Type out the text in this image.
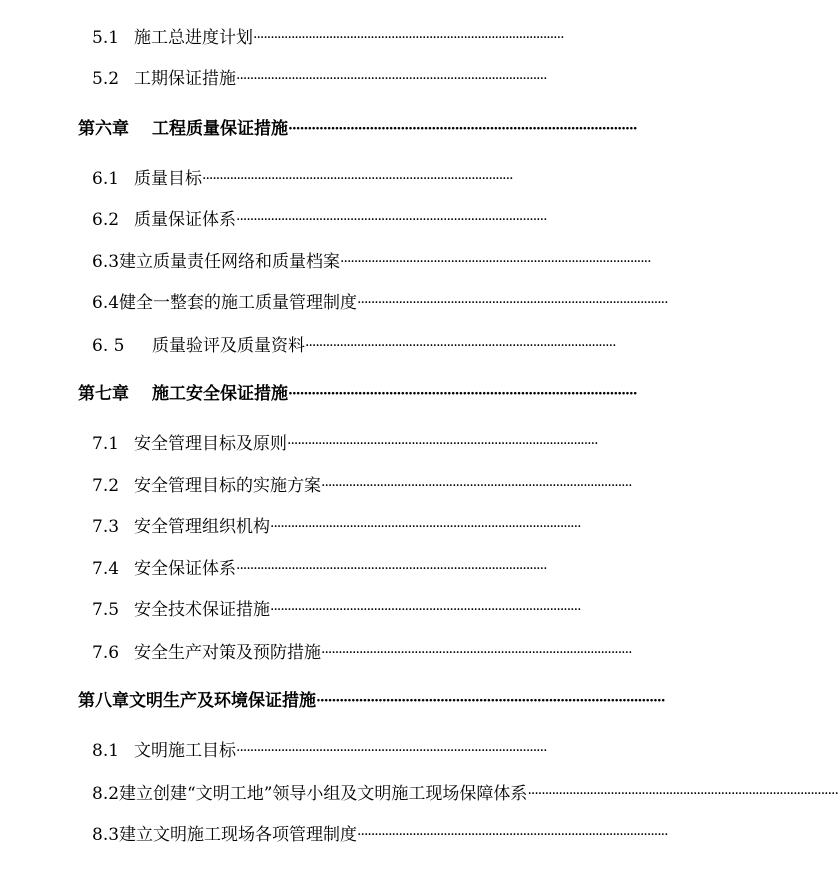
5.1 施工总进度计划 ··························································································
5.2 工期保证措施 ··························································································
第六章	工程质量保证措施 ··························································································
6.1 质量目标 ··························································································
6.2 质量保证体系 ··························································································
6.3 建立质量责任网络和质量档案 ··························································································
6.4 健全一整套的施工质量管理制度 ··························································································
6. 5	质量验评及质量资料 ··························································································
第七章	施工安全保证措施 ··························································································
7.1 安全管理目标及原则 ··························································································
7.2 安全管理目标的实施方案 ··························································································
7.3 安全管理组织机构 ··························································································
7.4 安全保证体系 ··························································································
7.5 安全技术保证措施 ··························································································
7.6 安全生产对策及预防措施 ··························································································
第八章 文明生产及环境保证措施 ··························································································
8.1 文明施工目标 ··························································································
8.2 建立创建“文明工地”领导小组及文明施工现场保障体系 ··························································································
8.3 建立文明施工现场各项管理制度 ··························································································
